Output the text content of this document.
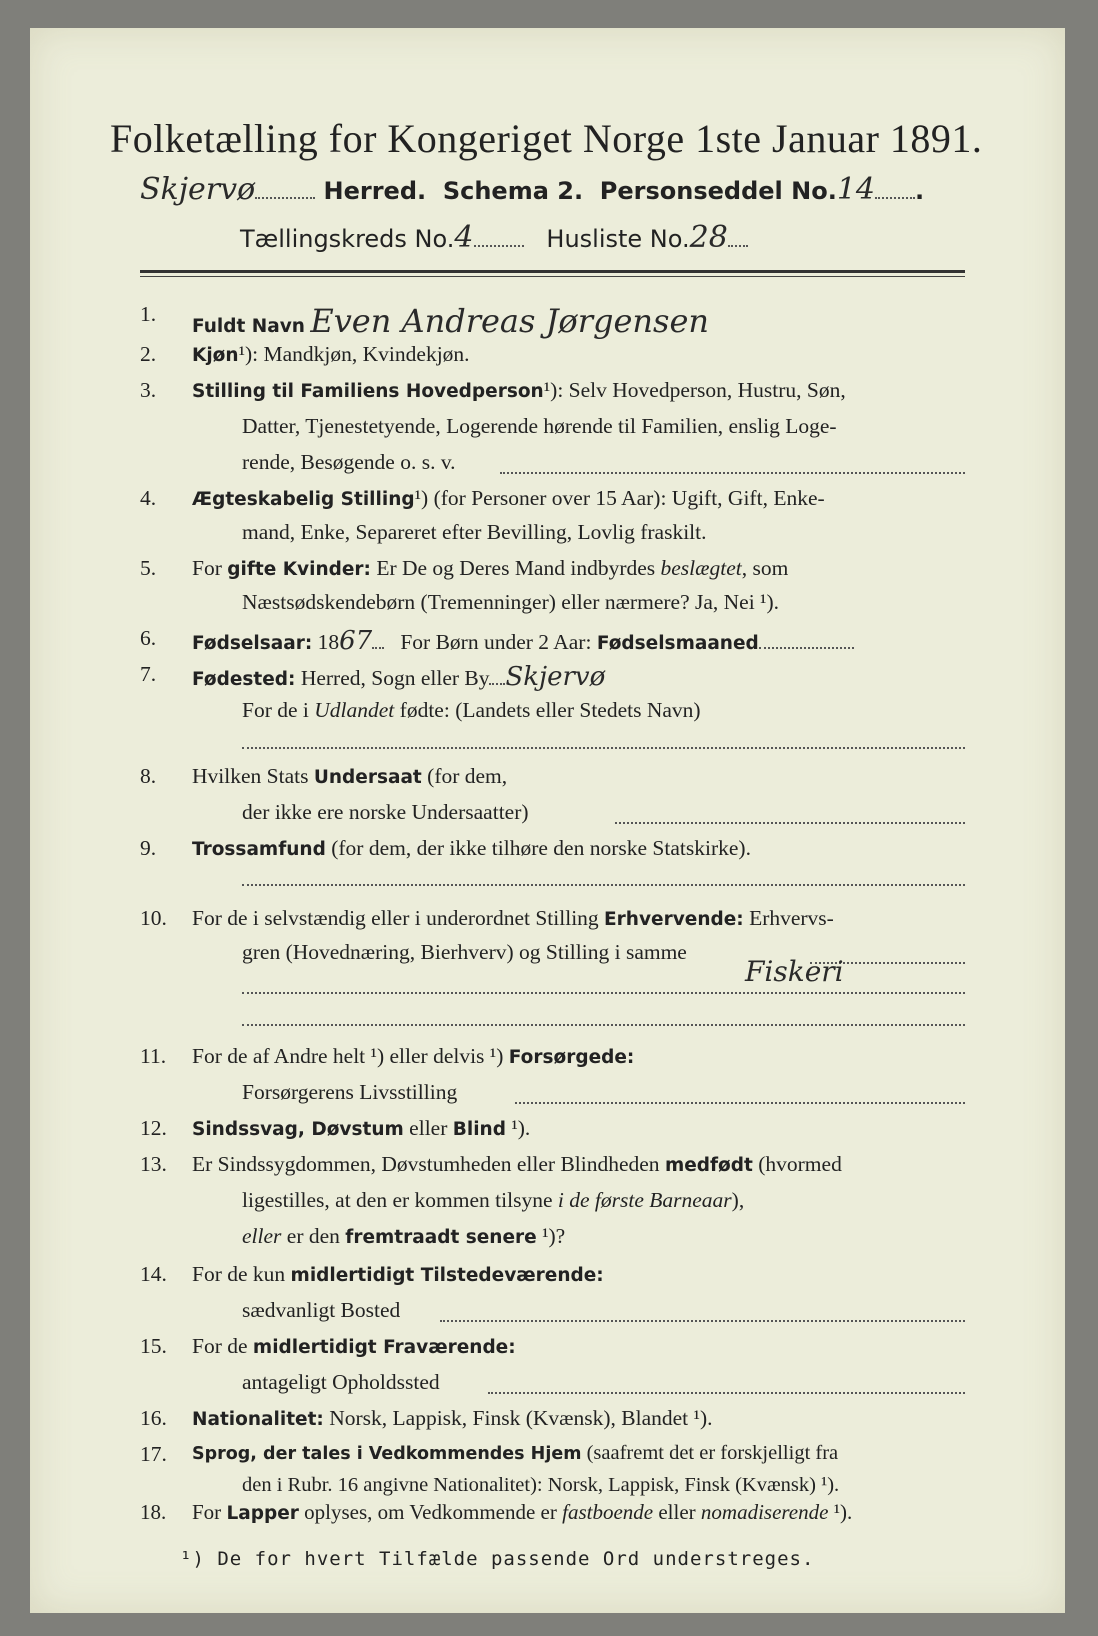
Folketælling for Kongeriget Norge 1ste Januar 1891.
Skjervø	Herred. Schema 2. Personseddel No.14 .
Tællingskreds No.4	Husliste No.28
1.
Fuldt Navn Even Andreas Jørgensen
2.	Kjøn¹): Mandkjøn, Kvindekjøn.
3.	Stilling til Familiens Hovedperson¹): Selv Hovedperson, Hustru, Søn,
Datter, Tjenestetyende, Logerende hørende til Familien, enslig Loge-
rende, Besøgende o. s. v.
4.	Ægteskabelig Stilling¹) (for Personer over 15 Aar): Ugift, Gift, Enke-
mand, Enke, Separeret efter Bevilling, Lovlig fraskilt.
5.	For gifte Kvinder: Er De og Deres Mand indbyrdes beslægtet, som
Næstsødskendebørn (Tremenninger) eller nærmere? Ja, Nei ¹).
6.	Fødselsaar: 1867 For Børn under 2 Aar: Fødselsmaaned
7.	Fødested: Herred, Sogn eller By Skjervø
For de i Udlandet fødte: (Landets eller Stedets Navn)
8.	Hvilken Stats Undersaat (for dem,
der ikke ere norske Undersaatter)
9.	Trossamfund (for dem, der ikke tilhøre den norske Statskirke).
10.	For de i selvstændig eller i underordnet Stilling Erhvervende: Erhvervs-
gren (Hovednæring, Bierhverv) og Stilling i samme
Fiskeri
11.	For de af Andre helt ¹) eller delvis ¹) Forsørgede:
Forsørgerens Livsstilling
12.	Sindssvag, Døvstum eller Blind ¹).
13.	Er Sindssygdommen, Døvstumheden eller Blindheden medfødt (hvormed
ligestilles, at den er kommen tilsyne i de første Barneaar),
eller er den fremtraadt senere ¹)?
14.	For de kun midlertidigt Tilstedeværende:
sædvanligt Bosted
15.	For de midlertidigt Fraværende:
antageligt Opholdssted
16.	Nationalitet: Norsk, Lappisk, Finsk (Kvænsk), Blandet ¹).
17.	Sprog, der tales i Vedkommendes Hjem (saafremt det er forskjelligt fra
den i Rubr. 16 angivne Nationalitet): Norsk, Lappisk, Finsk (Kvænsk) ¹).
18.	For Lapper oplyses, om Vedkommende er fastboende eller nomadiserende ¹).
¹) De for hvert Tilfælde passende Ord understreges.
